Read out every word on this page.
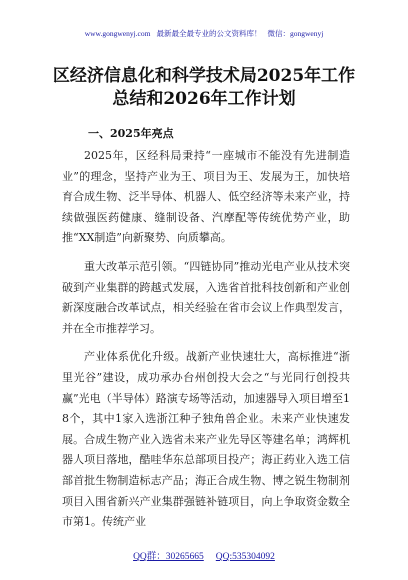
www.gongwenyj.com 最新最全最专业的公文资料库！ 微信：gongwenyj
区经济信息化和科学技术局2025年工作
总结和2026年工作计划
一、2025年亮点

2025年，区经科局秉持“一座城市不能没有先进制造业”的理念，坚持产业为王、项目为王、发展为王，加快培育合成生物、泛半导体、机器人、低空经济等未来产业，持续做强医药健康、缝制设备、汽摩配等传统优势产业，助推“XX制造”向新聚势、向质攀高。

重大改革示范引领。“四链协同”推动光电产业从技术突破到产业集群的跨越式发展，入选省首批科技创新和产业创新深度融合改革试点，相关经验在省市会议上作典型发言，并在全市推荐学习。

产业体系优化升级。战新产业快速壮大，高标推进“浙里光谷”建设，成功承办台州创投大会之“与光同行创投共赢”光电（半导体）路演专场等活动，加速器导入项目增至18个，其中1家入选浙江种子独角兽企业。未来产业快速发展。合成生物产业入选省未来产业先导区等建名单；鸿辉机器人项目落地，酷哇华东总部项目投产；海正药业入选工信部首批生物制造标志产品；海正合成生物、博之锐生物制剂项目入围省新兴产业集群强链补链项目，向上争取资金数全市第1。传统产业

QQ群：30265665 QQ:535304092
